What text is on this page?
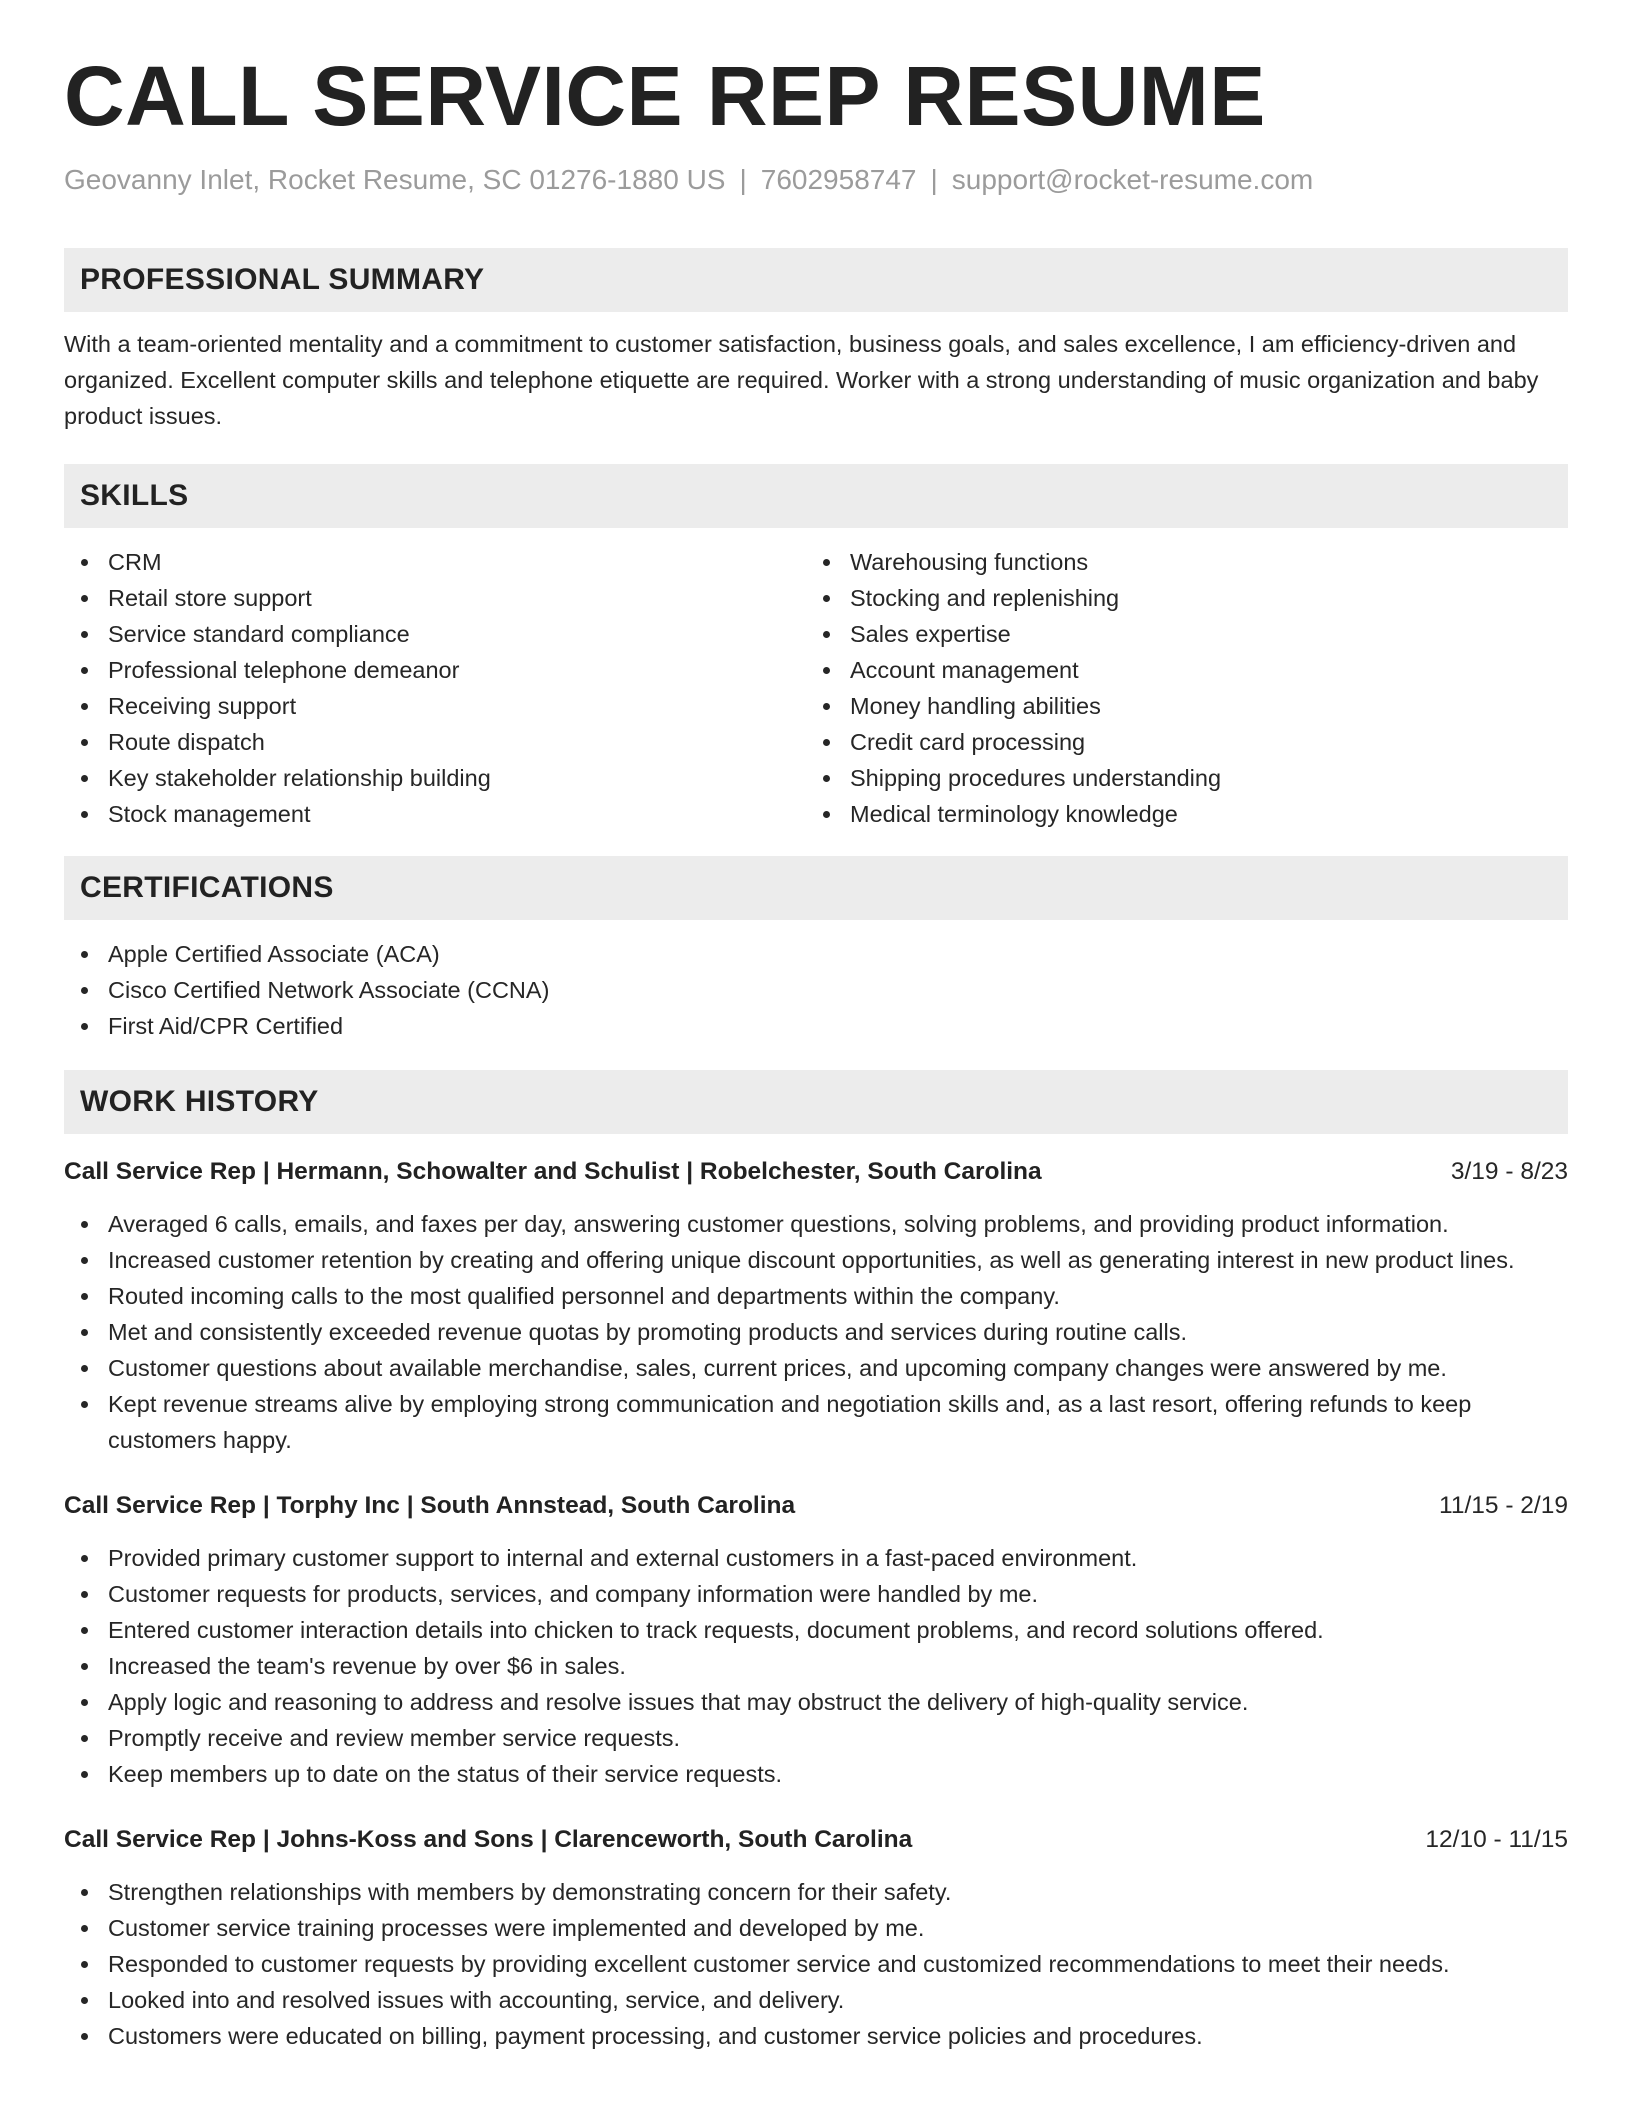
CALL SERVICE REP RESUME
Geovanny Inlet, Rocket Resume, SC 01276-1880 US | 7602958747 | support@rocket-resume.com
PROFESSIONAL SUMMARY
With a team-oriented mentality and a commitment to customer satisfaction, business goals, and sales excellence, I am efficiency-driven and organized. Excellent computer skills and telephone etiquette are required. Worker with a strong understanding of music organization and baby product issues.
SKILLS
CRM
Retail store support
Service standard compliance
Professional telephone demeanor
Receiving support
Route dispatch
Key stakeholder relationship building
Stock management
Warehousing functions
Stocking and replenishing
Sales expertise
Account management
Money handling abilities
Credit card processing
Shipping procedures understanding
Medical terminology knowledge
CERTIFICATIONS
Apple Certified Associate (ACA)
Cisco Certified Network Associate (CCNA)
First Aid/CPR Certified
WORK HISTORY
Call Service Rep | Hermann, Schowalter and Schulist | Robelchester, South Carolina	3/19 - 8/23
Averaged 6 calls, emails, and faxes per day, answering customer questions, solving problems, and providing product information.
Increased customer retention by creating and offering unique discount opportunities, as well as generating interest in new product lines.
Routed incoming calls to the most qualified personnel and departments within the company.
Met and consistently exceeded revenue quotas by promoting products and services during routine calls.
Customer questions about available merchandise, sales, current prices, and upcoming company changes were answered by me.
Kept revenue streams alive by employing strong communication and negotiation skills and, as a last resort, offering refunds to keep customers happy.
Call Service Rep | Torphy Inc | South Annstead, South Carolina	11/15 - 2/19
Provided primary customer support to internal and external customers in a fast-paced environment.
Customer requests for products, services, and company information were handled by me.
Entered customer interaction details into chicken to track requests, document problems, and record solutions offered.
Increased the team's revenue by over $6 in sales.
Apply logic and reasoning to address and resolve issues that may obstruct the delivery of high-quality service.
Promptly receive and review member service requests.
Keep members up to date on the status of their service requests.
Call Service Rep | Johns-Koss and Sons | Clarenceworth, South Carolina	12/10 - 11/15
Strengthen relationships with members by demonstrating concern for their safety.
Customer service training processes were implemented and developed by me.
Responded to customer requests by providing excellent customer service and customized recommendations to meet their needs.
Looked into and resolved issues with accounting, service, and delivery.
Customers were educated on billing, payment processing, and customer service policies and procedures.
